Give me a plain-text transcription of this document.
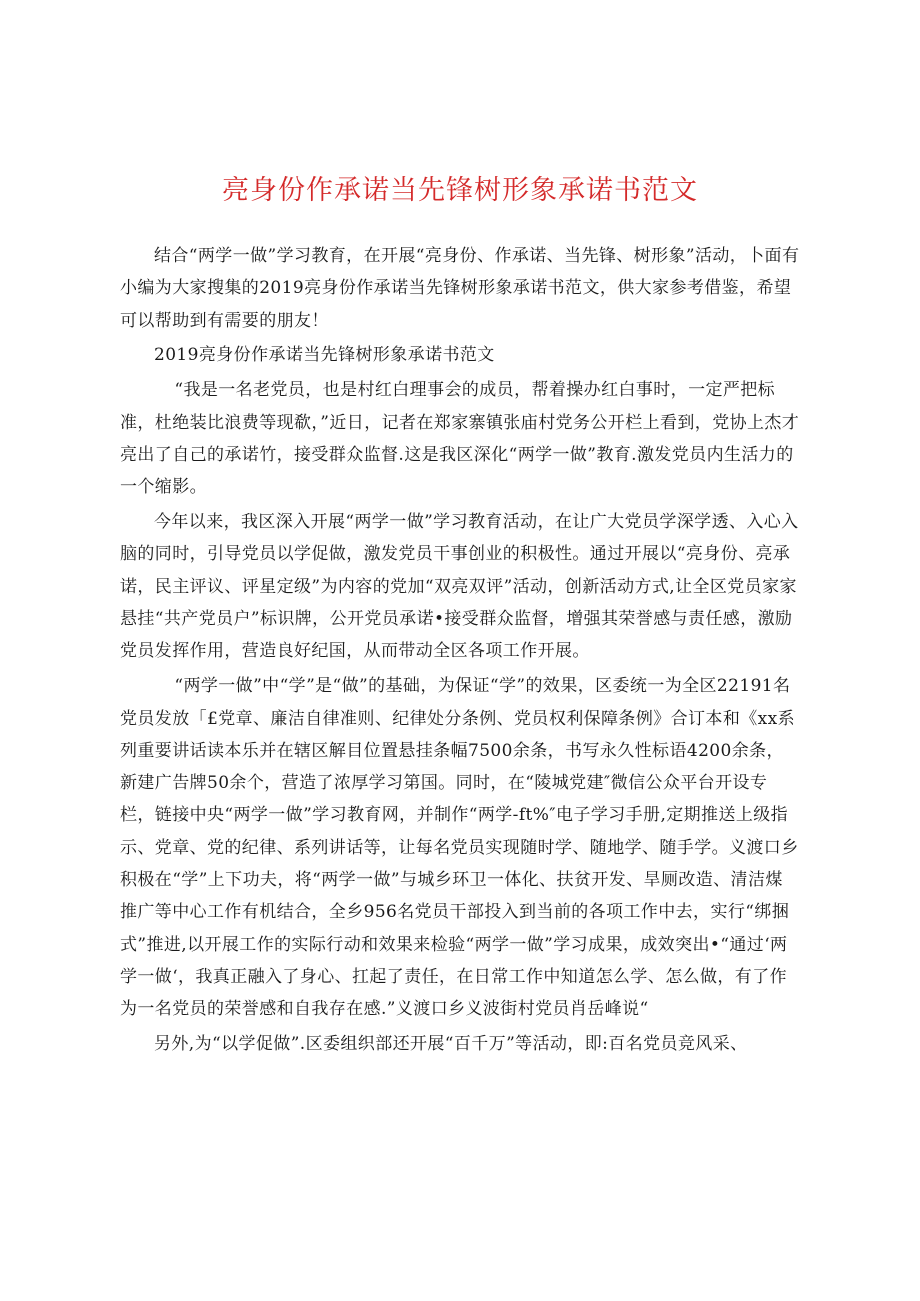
亮身份作承诺当先锋树形象承诺书范文

结合“两学一做”学习教育，在开展“亮身份、作承诺、当先锋、树形象”活动，卜面有小编为大家搜集的2019亮身份作承诺当先锋树形象承诺书范文，供大家参考借鉴，希望可以帮助到有需要的朋友！

2019亮身份作承诺当先锋树形象承诺书范文

“我是一名老党员，也是村红白理事会的成员，帮着操办红白事时，一定严把标准，杜绝装比浪费等现欷，”近日，记者在郑家寨镇张庙村党务公开栏上看到，党协上杰才亮出了自己的承诺竹，接受群众监督.这是我区深化“两学一做”教育.激发党员内生活力的一个缩影。

今年以来，我区深入开展“两学一做”学习教育活动，在让广大党员学深学透、入心入脑的同时，引导党员以学促做，激发党员干事创业的积极性。通过开展以“亮身份、亮承诺，民主评议、评星定级”为内容的党加“双亮双评”活动，创新活动方式,让全区党员家家悬挂“共产党员户”标识牌，公开党员承诺•接受群众监督，增强其荣誉感与责任感，激励党员发挥作用，营造良好纪国，从而带动全区各项工作开展。

“两学一做”中“学”是“做”的基础，为保证“学”的效果，区委统一为全区22191名党员发放「£党章、廉洁自律准则、纪律处分条例、党员权利保障条例》合订本和《xx系列重要讲话读本乐并在辖区解目位置悬挂条幅7500余条，书写永久性标语4200余条，新建广告牌50余个，营造了浓厚学习第国。同时，在“陵城党建″微信公众平台开设专栏，链接中央“两学一做”学习教育网，并制作“两学-ft%″电子学习手册,定期推送上级指示、党章、党的纪律、系列讲话等，让每名党员实现随时学、随地学、随手学。义渡口乡积极在“学”上下功夫，将“两学一做”与城乡环卫一体化、扶贫开发、旱厕改造、清洁煤推广等中心工作有机结合，全乡956名党员干部投入到当前的各项工作中去，实行“绑捆式”推进,以开展工作的实际行动和效果来检验“两学一做”学习成果，成效突出•“通过‘两学一做‘，我真正融入了身心、扛起了责任，在日常工作中知道怎么学、怎么做，有了作为一名党员的荣誉感和自我存在感.”义渡口乡义波街村党员肖岳峰说“

另外,为“以学促做”.区委组织部还开展“百千万”等活动，即:百名党员竞风采、
